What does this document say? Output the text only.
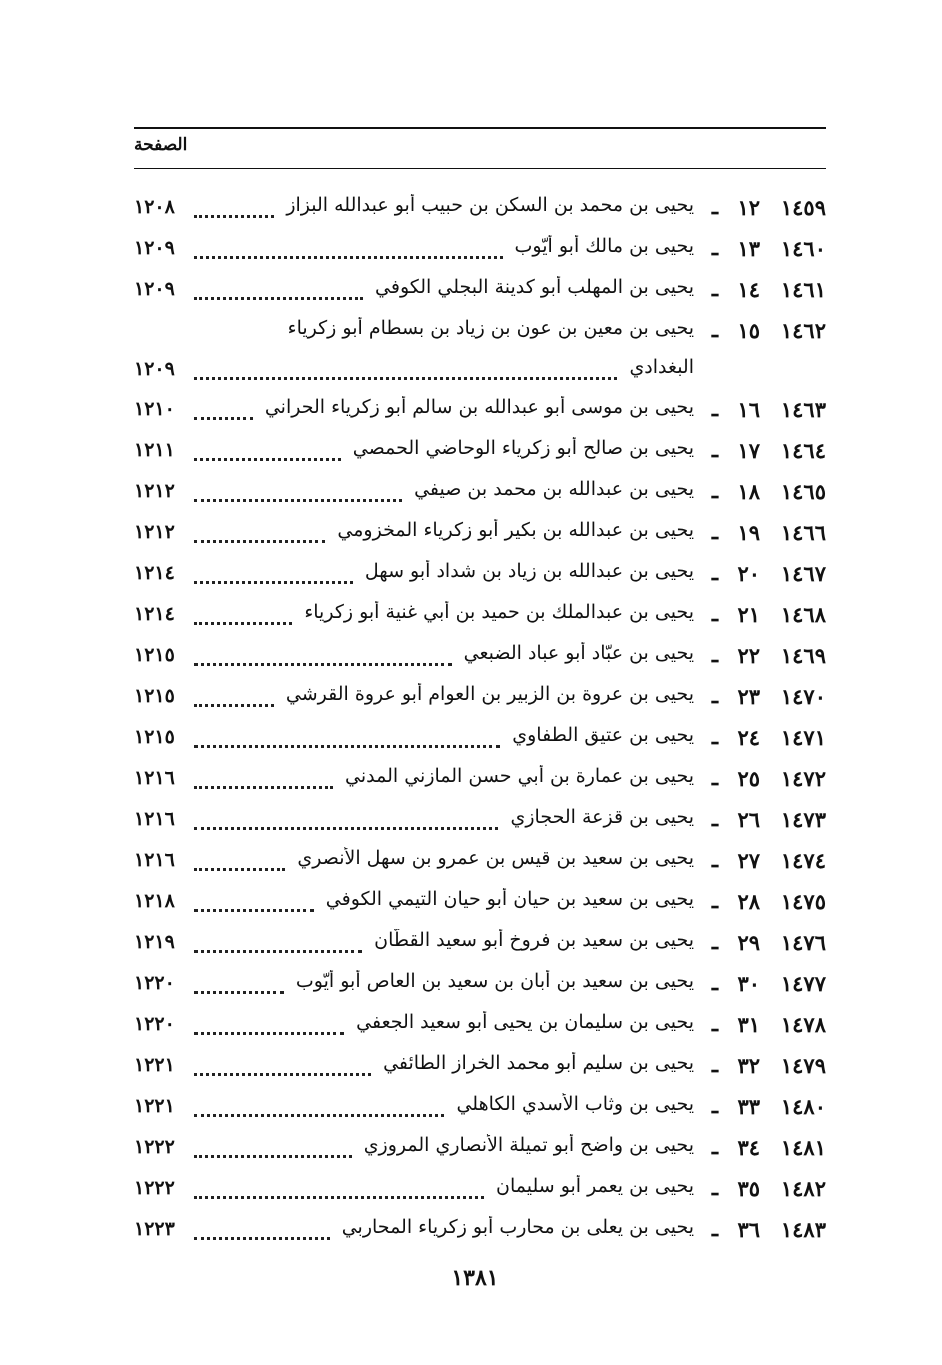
الصفحة
١٤٥٩
١٢
ـ
يحيى بن محمد بن السكن بن حبيب أبو عبدالله البزاز
١٢٠٨
١٤٦٠
١٣
ـ
يحيى بن مالك أبو أيّوب
١٢٠٩
١٤٦١
١٤
ـ
يحيى بن المهلب أبو كدينة البجلي الكوفي
١٢٠٩
١٤٦٢
١٥
ـ
يحيى بن معين بن عون بن زياد بن بسطام أبو زكرياء
البغدادي
١٢٠٩
١٤٦٣
١٦
ـ
يحيى بن موسى أبو عبدالله بن سالم أبو زكرياء الحراني
١٢١٠
١٤٦٤
١٧
ـ
يحيى بن صالح أبو زكرياء الوحاضي الحمصي
١٢١١
١٤٦٥
١٨
ـ
يحيى بن عبدالله بن محمد بن صيفي
١٢١٢
١٤٦٦
١٩
ـ
يحيى بن عبدالله بن بكير أبو زكرياء المخزومي
١٢١٢
١٤٦٧
٢٠
ـ
يحيى بن عبدالله بن زياد بن شداد أبو سهل
١٢١٤
١٤٦٨
٢١
ـ
يحيى بن عبدالملك بن حميد بن أبي غنية أبو زكرياء
١٢١٤
١٤٦٩
٢٢
ـ
يحيى بن عبّاد أبو عباد الضبعي
١٢١٥
١٤٧٠
٢٣
ـ
يحيى بن عروة بن الزبير بن العوام أبو عروة القرشي
١٢١٥
١٤٧١
٢٤
ـ
يحيى بن عتيق الطفاوي
١٢١٥
١٤٧٢
٢٥
ـ
يحيى بن عمارة بن أبي حسن المازني المدني
١٢١٦
١٤٧٣
٢٦
ـ
يحيى بن قزعة الحجازي
١٢١٦
١٤٧٤
٢٧
ـ
يحيى بن سعيد بن قيس بن عمرو بن سهل الأنصري
١٢١٦
١٤٧٥
٢٨
ـ
يحيى بن سعيد بن حيان أبو حيان التيمي الكوفي
١٢١٨
١٤٧٦
٢٩
ـ
يحيى بن سعيد بن فروخ أبو سعيد القطّان
١٢١٩
١٤٧٧
٣٠
ـ
يحيى بن سعيد بن أبان بن سعيد بن العاص أبو أيّوب
١٢٢٠
١٤٧٨
٣١
ـ
يحيى بن سليمان بن يحيى أبو سعيد الجعفي
١٢٢٠
١٤٧٩
٣٢
ـ
يحيى بن سليم أبو محمد الخراز الطائفي
١٢٢١
١٤٨٠
٣٣
ـ
يحيى بن وثاب الأسدي الكاهلي
١٢٢١
١٤٨١
٣٤
ـ
يحيى بن واضح أبو تميلة الأنصاري المروزي
١٢٢٢
١٤٨٢
٣٥
ـ
يحيى بن يعمر أبو سليمان
١٢٢٢
١٤٨٣
٣٦
ـ
يحيى بن يعلى بن محارب أبو زكرياء المحاربي
١٢٢٣
١٣٨١
